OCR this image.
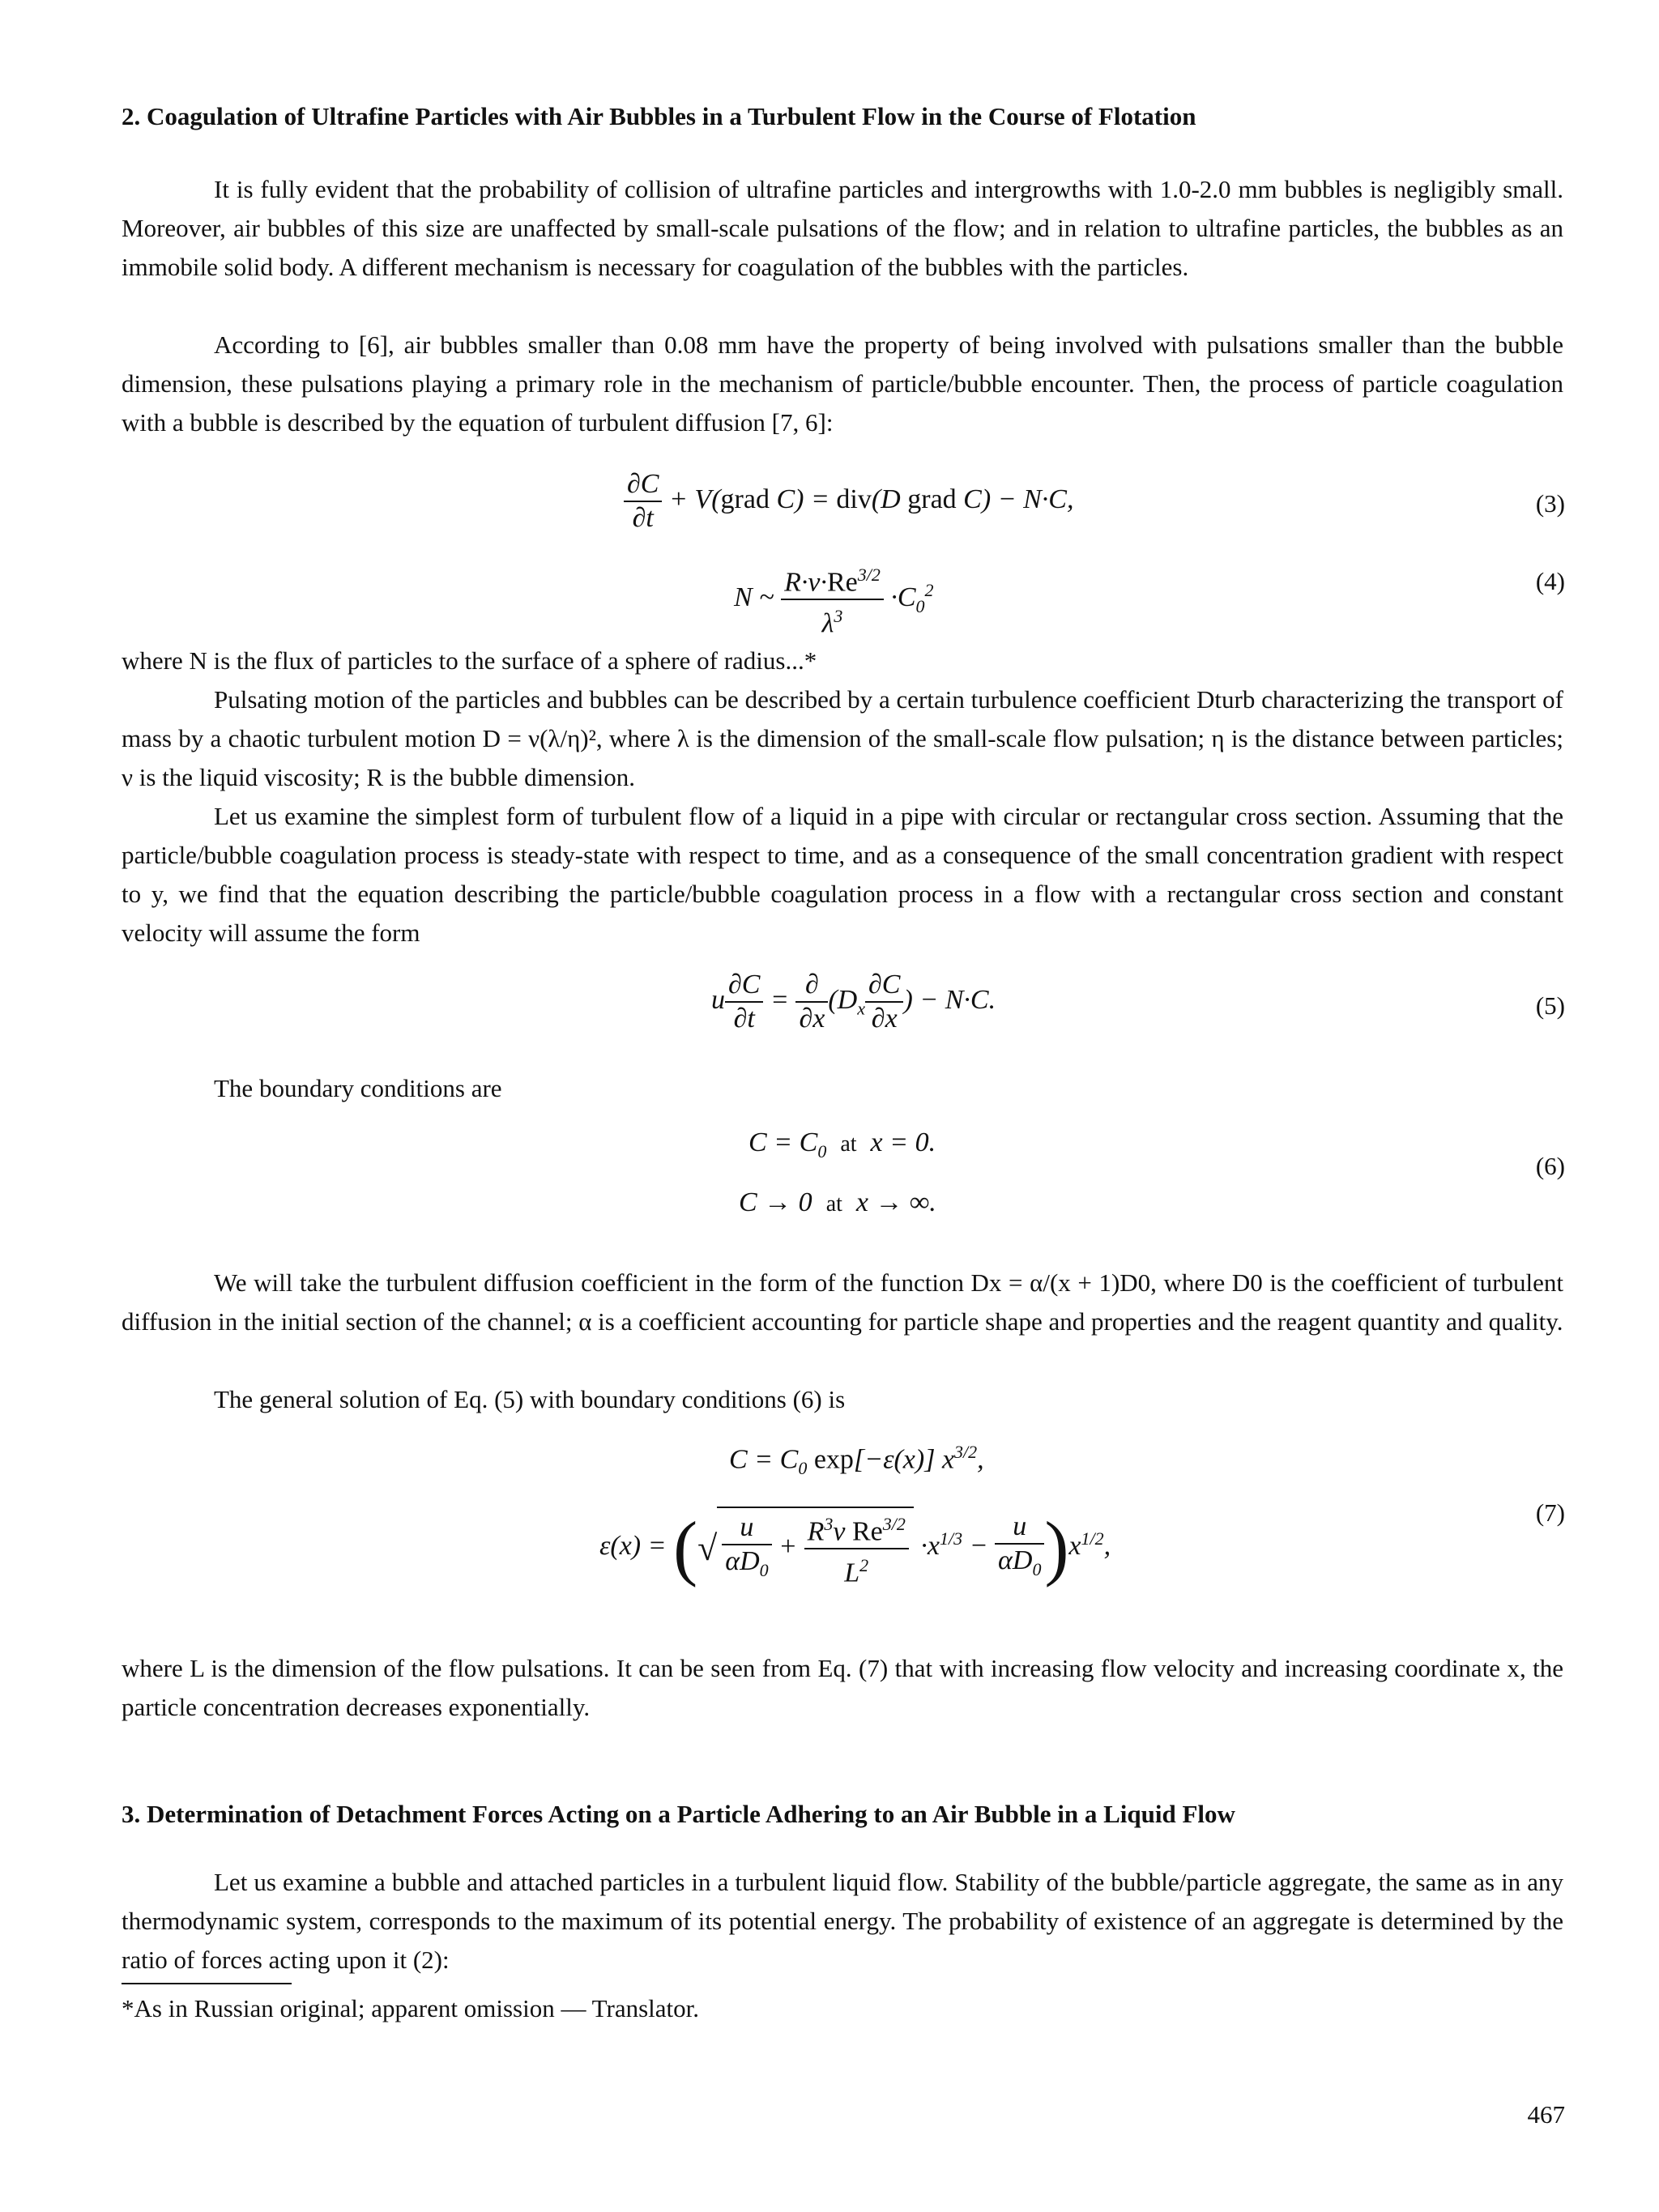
2. Coagulation of Ultrafine Particles with Air Bubbles in a Turbulent Flow in the Course of Flotation
It is fully evident that the probability of collision of ultrafine particles and intergrowths with 1.0-2.0 mm bubbles is negligibly small. Moreover, air bubbles of this size are unaffected by small-scale pulsations of the flow; and in relation to ultrafine particles, the bubbles as an immobile solid body. A different mechanism is necessary for coagulation of the bubbles with the particles.
According to [6], air bubbles smaller than 0.08 mm have the property of being involved with pulsations smaller than the bubble dimension, these pulsations playing a primary role in the mechanism of particle/bubble encounter. Then, the process of particle coagulation with a bubble is described by the equation of turbulent diffusion [7, 6]:
$\frac{\partial C}{\partial t}$ + V(grad C) = div(D grad C) − N·C,	(3)
N ~ $\frac{R\cdot\nu\cdot Re^{3/2}}{\lambda^3} \cdot C_0^2$	(4)
where N is the flux of particles to the surface of a sphere of radius...*
Pulsating motion of the particles and bubbles can be described by a certain turbulence coefficient Dturb characterizing the transport of mass by a chaotic turbulent motion D = ν(λ/η)², where λ is the dimension of the small-scale flow pulsation; η is the distance between particles; ν is the liquid viscosity; R is the bubble dimension.
Let us examine the simplest form of turbulent flow of a liquid in a pipe with circular or rectangular cross section. Assuming that the particle/bubble coagulation process is steady-state with respect to time, and as a consequence of the small concentration gradient with respect to y, we find that the equation describing the particle/bubble coagulation process in a flow with a rectangular cross section and constant velocity will assume the form
u $\frac{\partial C}{\partial t} = \frac{\partial}{\partial x} (D_x \frac{\partial C}{\partial x}$ ) − N·C.	(5)
The boundary conditions are
$C = C_0$ at  x = 0.
C → 0  at  x → ∞.
(6)
We will take the turbulent diffusion coefficient in the form of the function Dx = α/(x + 1)D0, where D0 is the coefficient of turbulent diffusion in the initial section of the channel; α is a coefficient accounting for particle shape and properties and the reagent quantity and quality.
The general solution of Eq. (5) with boundary conditions (6) is
$C = C_0$ exp[−ε(x)] $x^{3/2}$,
ε(x) = (√ $\frac{u}{\alpha D_0} + \frac{R^3\nu Re^{3/2}}{L^2} \cdot x^{1/3} - \frac{u}{\alpha D_0} )x^{1/2}$,
(7)
where L is the dimension of the flow pulsations. It can be seen from Eq. (7) that with increasing flow velocity and increasing coordinate x, the particle concentration decreases exponentially.
3. Determination of Detachment Forces Acting on a Particle Adhering to an Air Bubble in a Liquid Flow
Let us examine a bubble and attached particles in a turbulent liquid flow. Stability of the bubble/particle aggregate, the same as in any thermodynamic system, corresponds to the maximum of its potential energy. The probability of existence of an aggregate is determined by the ratio of forces acting upon it (2):
*As in Russian original; apparent omission — Translator.
467
